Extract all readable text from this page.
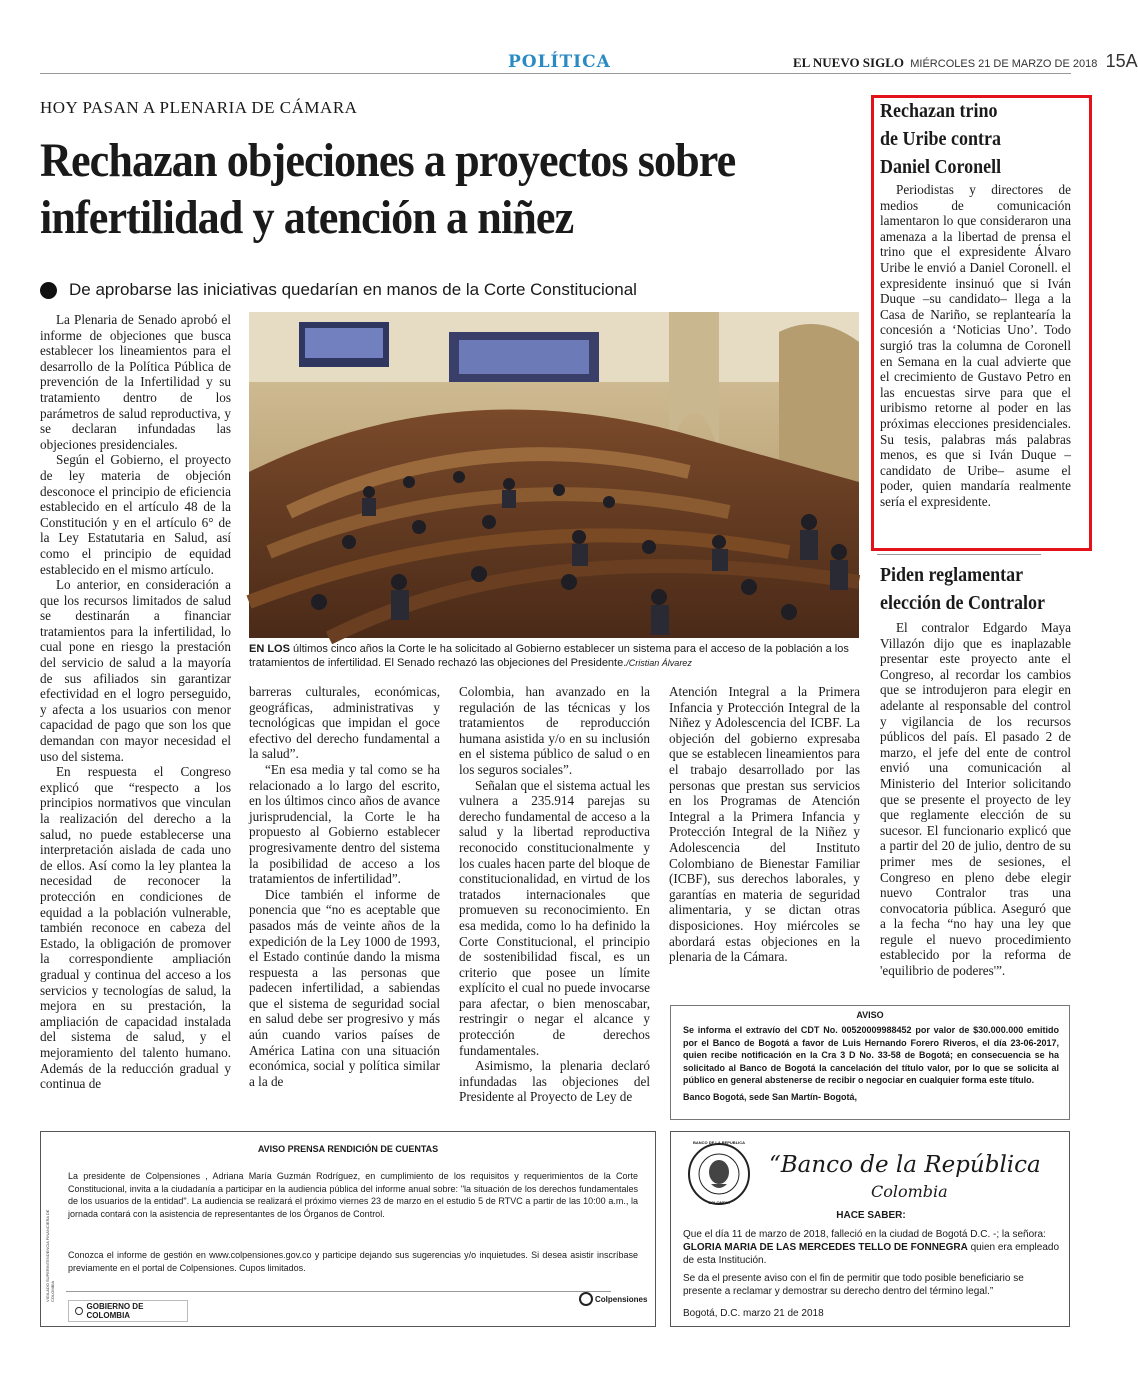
POLÍTICA	EL NUEVO SIGLO MIÉRCOLES 21 DE MARZO DE 2018 15A
HOY PASAN A PLENARIA DE CÁMARA
Rechazan objeciones a proyectos sobre infertilidad y atención a niñez
De aprobarse las iniciativas quedarían en manos de la Corte Constitucional

La Plenaria de Senado aprobó el informe de objeciones que busca establecer los lineamientos para el desarrollo de la Política Pública de prevención de la Infertilidad y su tratamiento dentro de los parámetros de salud reproductiva, y se declaran infundadas las objeciones presidenciales.

Según el Gobierno, el proyecto de ley materia de objeción desconoce el principio de eficiencia establecido en el artículo 48 de la Constitución y en el artículo 6° de la Ley Estatutaria en Salud, así como el principio de equidad establecido en el mismo artículo.

Lo anterior, en consideración a que los recursos limitados de salud se destinarán a financiar tratamientos para la infertilidad, lo cual pone en riesgo la prestación del servicio de salud a la mayoría de sus afiliados sin garantizar efectividad en el logro perseguido, y afecta a los usuarios con menor capacidad de pago que son los que demandan con mayor necesidad el uso del sistema.

En respuesta el Congreso explicó que “respecto a los principios normativos que vinculan la realización del derecho a la salud, no puede establecerse una interpretación aislada de cada uno de ellos. Así como la ley plantea la necesidad de reconocer la protección en condiciones de equidad a la población vulnerable, también reconoce en cabeza del Estado, la obligación de promover la correspondiente ampliación gradual y continua del acceso a los servicios y tecnologías de salud, la mejora en su prestación, la ampliación de capacidad instalada del sistema de salud, y el mejoramiento del talento humano. Además de la reducción gradual y continua de

EN LOS últimos cinco años la Corte le ha solicitado al Gobierno establecer un sistema para el acceso de la población a los tratamientos de infertilidad. El Senado rechazó las objeciones del Presidente./Cristian Álvarez

barreras culturales, económicas, geográficas, administrativas y tecnológicas que impidan el goce efectivo del derecho fundamental a la salud”.

“En esa media y tal como se ha relacionado a lo largo del escrito, en los últimos cinco años de avance jurisprudencial, la Corte le ha propuesto al Gobierno establecer progresivamente dentro del sistema la posibilidad de acceso a los tratamientos de infertilidad”.

Dice también el informe de ponencia que “no es aceptable que pasados más de veinte años de la expedición de la Ley 1000 de 1993, el Estado continúe dando la misma respuesta a las personas que padecen infertilidad, a sabiendas que el sistema de seguridad social en salud debe ser progresivo y más aún cuando varios países de América Latina con una situación económica, social y política similar a la de

Colombia, han avanzado en la regulación de las técnicas y los tratamientos de reproducción humana asistida y/o en su inclusión en el sistema público de salud o en los seguros sociales”.

Señalan que el sistema actual les vulnera a 235.914 parejas su derecho fundamental de acceso a la salud y la libertad reproductiva reconocido constitucionalmente y los cuales hacen parte del bloque de constitucionalidad, en virtud de los tratados internacionales que promueven su reconocimiento. En esa medida, como lo ha definido la Corte Constitucional, el principio de sostenibilidad fiscal, es un criterio que posee un límite explícito el cual no puede invocarse para afectar, o bien menoscabar, restringir o negar el alcance y protección de derechos fundamentales.

Asimismo, la plenaria declaró infundadas las objeciones del Presidente al Proyecto de Ley de

Atención Integral a la Primera Infancia y Protección Integral de la Niñez y Adolescencia del ICBF. La objeción del gobierno expresaba que se establecen lineamientos para el trabajo desarrollado por las personas que prestan sus servicios en los Programas de Atención Integral a la Primera Infancia y Protección Integral de la Niñez y Adolescencia del Instituto Colombiano de Bienestar Familiar (ICBF), sus derechos laborales, y garantías en materia de seguridad alimentaria, y se dictan otras disposiciones. Hoy miércoles se abordará estas objeciones en la plenaria de la Cámara.

Rechazan trino
de Uribe contra
Daniel Coronell

Periodistas y directores de medios de comunicación lamentaron lo que consideraron una amenaza a la libertad de prensa el trino que el expresidente Álvaro Uribe le envió a Daniel Coronell. el expresidente insinuó que si Iván Duque –su candidato– llega a la Casa de Nariño, se replantearía la concesión a ‘Noticias Uno’. Todo surgió tras la columna de Coronell en Semana en la cual advierte que el crecimiento de Gustavo Petro en las encuestas sirve para que el uribismo retorne al poder en las próximas elecciones presidenciales. Su tesis, palabras más palabras menos, es que si Iván Duque –candidato de Uribe– asume el poder, quien mandaría realmente sería el expresidente.

Piden reglamentar
elección de Contralor

El contralor Edgardo Maya Villazón dijo que es inaplazable presentar este proyecto ante el Congreso, al recordar los cambios que se introdujeron para elegir en adelante al responsable del control y vigilancia de los recursos públicos del país. El pasado 2 de marzo, el jefe del ente de control envió una comunicación al Ministerio del Interior solicitando que se presente el proyecto de ley que reglamente elección de su sucesor. El funcionario explicó que a partir del 20 de julio, dentro de su primer mes de sesiones, el Congreso en pleno debe elegir nuevo Contralor tras una convocatoria pública. Aseguró que a la fecha “no hay una ley que regule el nuevo procedimiento establecido por la reforma de 'equilibrio de poderes'”.

AVISO
Se informa el extravío del CDT No. 00520009988452 por valor de $30.000.000 emitido por el Banco de Bogotá a favor de Luis Hernando Forero Riveros, el día 23-06-2017, quien recibe notificación en la Cra 3 D No. 33-58 de Bogotá; en consecuencia se ha solicitado al Banco de Bogotá la cancelación del título valor, por lo que se solicita al público en general abstenerse de recibir o negociar en cualquier forma este título.
Banco Bogotá, sede San Martín- Bogotá,
AVISO PRENSA RENDICIÓN DE CUENTAS
VIGILADO SUPERINTENDENCIA FINANCIERA DE COLOMBIA
La presidente de Colpensiones , Adriana María Guzmán Rodríguez, en cumplimiento de los requisitos y requerimientos de la Corte Constitucional, invita a la ciudadanía a participar en la audiencia pública del informe anual sobre: "la situación de los derechos fundamentales de los usuarios de la entidad". La audiencia se realizará el próximo viernes 23 de marzo en el estudio 5 de RTVC a partir de las 10:00 a.m., la jornada contará con la asistencia de representantes de los Órganos de Control.
Conozca el informe de gestión en www.colpensiones.gov.co y participe dejando sus sugerencias y/o inquietudes. Si desea asistir inscríbase previamente en el portal de Colpensiones. Cupos limitados.
GOBIERNO DE COLOMBIA
Colpensiones
BANCO DE LA REPUBLICA
COLOMBIA
“Banco de la República
Colombia
HACE SABER:
Que el día 11 de marzo de 2018, falleció en la ciudad de Bogotá D.C. -; la señora: GLORIA MARIA DE LAS MERCEDES TELLO DE FONNEGRA quien era empleado de esta Institución.
Se da el presente aviso con el fin de permitir que todo posible beneficiario se presente a reclamar y demostrar su derecho dentro del término legal.”
Bogotá, D.C. marzo 21 de 2018
